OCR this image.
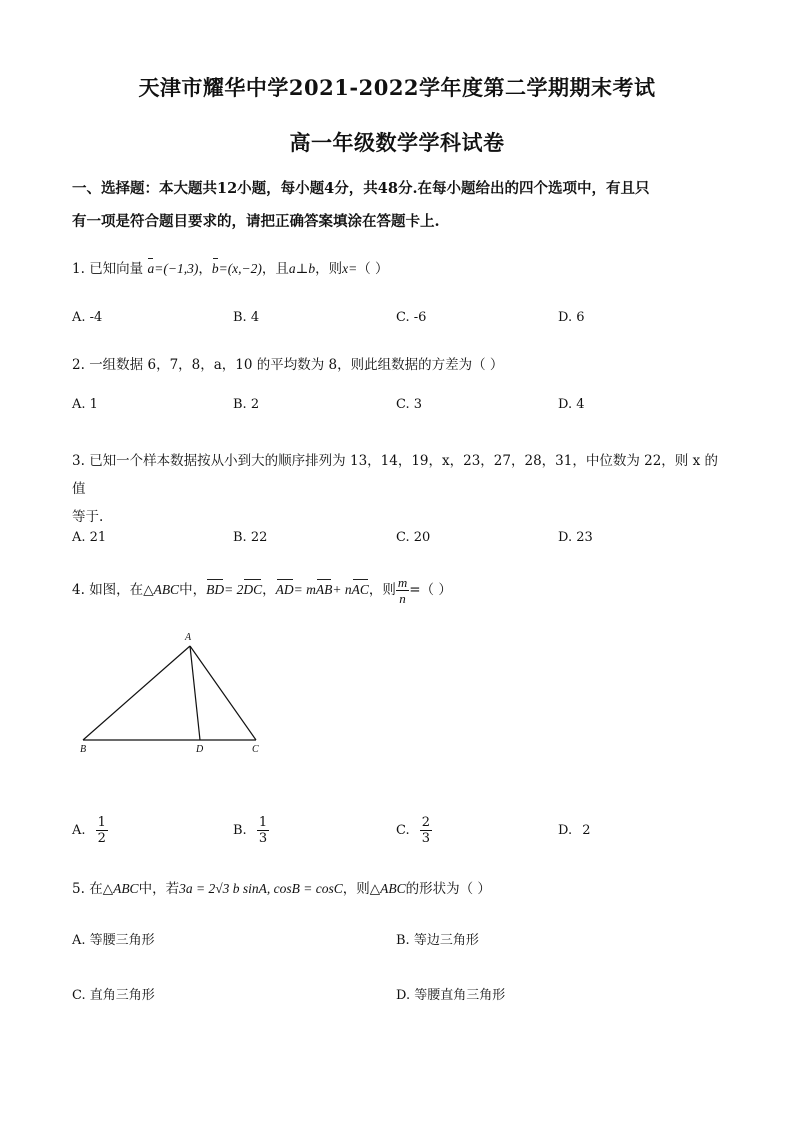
天津市耀华中学2021-2022学年度第二学期期末考试
高一年级数学学科试卷
一、选择题：本大题共12小题，每小题4分，共48分.在每小题给出的四个选项中，有且只
有一项是符合题目要求的，请把正确答案填涂在答题卡上.
1. 已知向量 a=(−1,3)，b=(x,−2)，且a⊥b，则x=（ ）
A. -4	B. 4	C. -6	D. 6
2. 一组数据 6，7，8，a，10 的平均数为 8，则此组数据的方差为（ ）
A. 1	B. 2	C. 3	D. 4
3. 已知一个样本数据按从小到大的顺序排列为 13，14，19，x，23，27，28，31，中位数为 22，则 x 的值
等于.
A. 21	B. 22	C. 20	D. 23
4. 如图，在△ABC中，BD= 2DC，AD= mAB+ nAC，则 $\frac{m}{n}$ =（ ）
A
B	D	C
A. $\frac{1}{2}$	B. $\frac{1}{3}$	C. $\frac{2}{3}$	D. 2
5. 在△ABC中，若3a = 2√3 b sinA, cosB = cosC，则△ABC的形状为（ ）
A. 等腰三角形	B. 等边三角形
C. 直角三角形	D. 等腰直角三角形
